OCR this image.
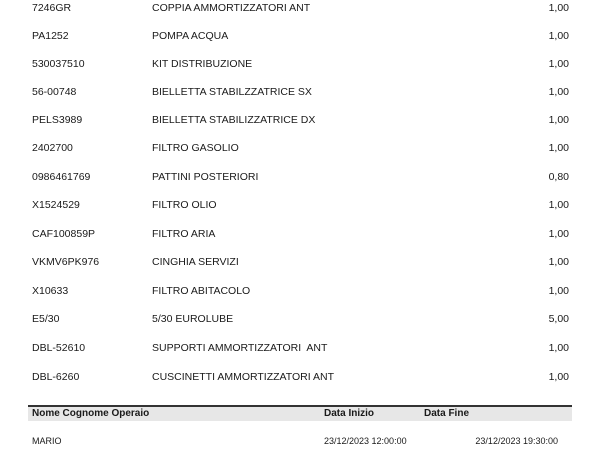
7246GR	COPPIA AMMORTIZZATORI ANT	1,00
PA1252	POMPA ACQUA	1,00
530037510	KIT DISTRIBUZIONE	1,00
56-00748	BIELLETTA STABILZZATRICE SX	1,00
PELS3989	BIELLETTA STABILIZZATRICE DX	1,00
2402700	FILTRO GASOLIO	1,00
0986461769	PATTINI POSTERIORI	0,80
X1524529	FILTRO OLIO	1,00
CAF100859P	FILTRO ARIA	1,00
VKMV6PK976	CINGHIA SERVIZI	1,00
X10633	FILTRO ABITACOLO	1,00
E5/30	5/30 EUROLUBE	5,00
DBL-52610	SUPPORTI AMMORTIZZATORI  ANT	1,00
DBL-6260	CUSCINETTI AMMORTIZZATORI ANT	1,00
Nome Cognome Operaio	Data Inizio	Data Fine
MARIO	23/12/2023 12:00:00	23/12/2023 19:30:00
